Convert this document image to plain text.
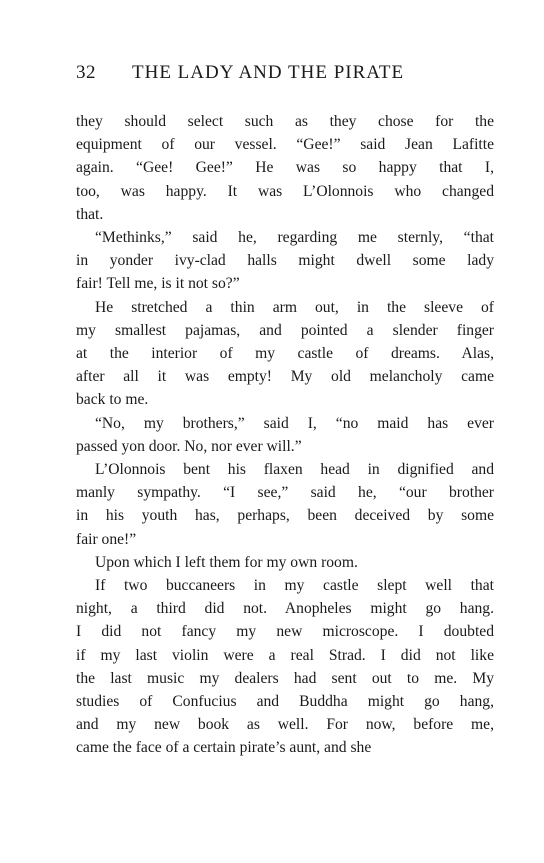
32	THE LADY AND THE PIRATE

they should select such as they chose for the
equipment of our vessel. “Gee!” said Jean Lafitte
again. “Gee! Gee!” He was so happy that I,
too, was happy. It was L’Olonnois who changed
that.

“Methinks,” said he, regarding me sternly, “that
in yonder ivy-clad halls might dwell some lady
fair! Tell me, is it not so?”

He stretched a thin arm out, in the sleeve of
my smallest pajamas, and pointed a slender finger
at the interior of my castle of dreams. Alas,
after all it was empty! My old melancholy came
back to me.

“No, my brothers,” said I, “no maid has ever
passed yon door. No, nor ever will.”

L’Olonnois bent his flaxen head in dignified and
manly sympathy. “I see,” said he, “our brother
in his youth has, perhaps, been deceived by some
fair one!”

Upon which I left them for my own room.

If two buccaneers in my castle slept well that
night, a third did not. Anopheles might go hang.
I did not fancy my new microscope. I doubted
if my last violin were a real Strad. I did not like
the last music my dealers had sent out to me. My
studies of Confucius and Buddha might go hang,
and my new book as well. For now, before me,
came the face of a certain pirate’s aunt, and she
